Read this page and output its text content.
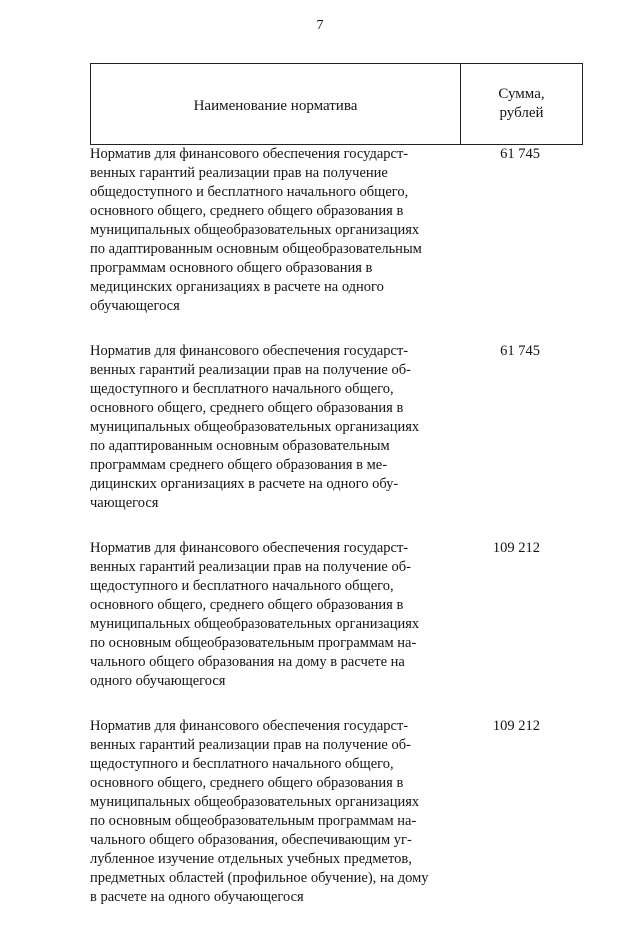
7
Наименование норматива
Сумма,
рублей
Норматив для финансового обеспечения государст-
венных гарантий реализации прав на получение
общедоступного и бесплатного начального общего,
основного общего, среднего общего образования в
муниципальных общеобразовательных организациях
по адаптированным основным общеобразовательным
программам основного общего образования в
медицинских организациях в расчете на одного
обучающегося
61 745
Норматив для финансового обеспечения государст-
венных гарантий реализации прав на получение об-
щедоступного и бесплатного начального общего,
основного общего, среднего общего образования в
муниципальных общеобразовательных организациях
по адаптированным основным образовательным
программам среднего общего образования в ме-
дицинских организациях в расчете на одного обу-
чающегося
61 745
Норматив для финансового обеспечения государст-
венных гарантий реализации прав на получение об-
щедоступного и бесплатного начального общего,
основного общего, среднего общего образования в
муниципальных общеобразовательных организациях
по основным общеобразовательным программам на-
чального общего образования на дому в расчете на
одного обучающегося
109 212
Норматив для финансового обеспечения государст-
венных гарантий реализации прав на получение об-
щедоступного и бесплатного начального общего,
основного общего, среднего общего образования в
муниципальных общеобразовательных организациях
по основным общеобразовательным программам на-
чального общего образования, обеспечивающим уг-
лубленное изучение отдельных учебных предметов,
предметных областей (профильное обучение), на дому
в расчете на одного обучающегося
109 212
